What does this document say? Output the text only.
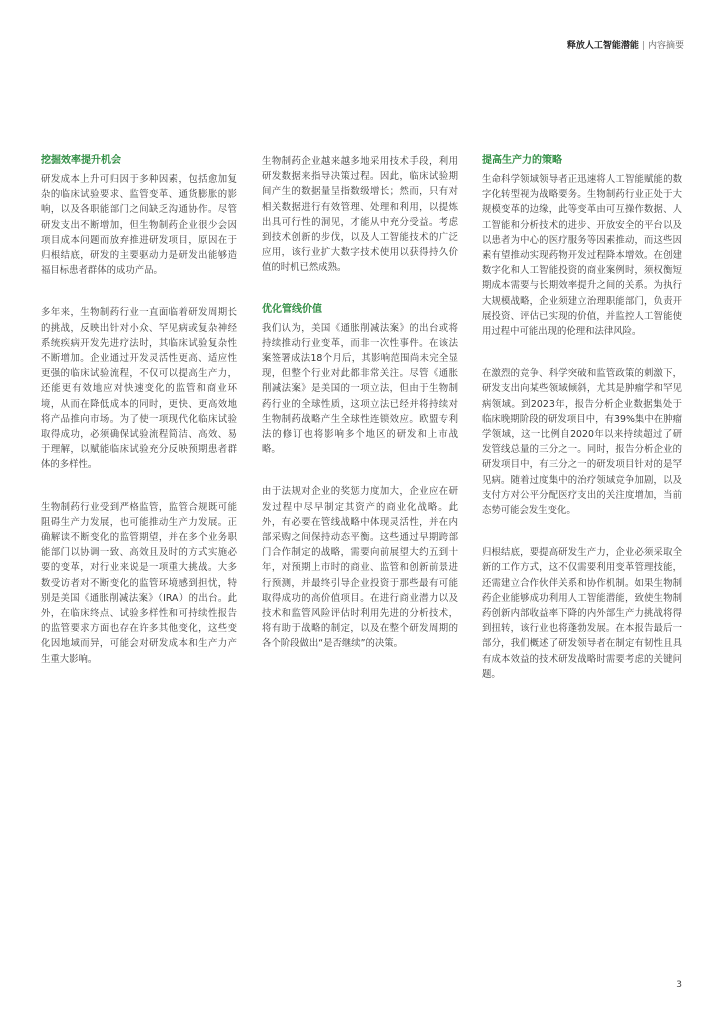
释放人工智能潜能 | 内容摘要
挖掘效率提升机会

研发成本上升可归因于多种因素，包括愈加复杂的临床试验要求、监管变革、通货膨胀的影响，以及各职能部门之间缺乏沟通协作。尽管研发支出不断增加，但生物制药企业很少会因项目成本问题而放弃推进研发项目，原因在于归根结底，研发的主要驱动力是研发出能够造福目标患者群体的成功产品。

多年来，生物制药行业一直面临着研发周期长的挑战，反映出针对小众、罕见病或复杂神经系统疾病开发先进疗法时，其临床试验复杂性不断增加。企业通过开发灵活性更高、适应性更强的临床试验流程，不仅可以提高生产力，还能更有效地应对快速变化的监管和商业环境，从而在降低成本的同时，更快、更高效地将产品推向市场。为了使一项现代化临床试验取得成功，必须确保试验流程简洁、高效、易于理解，以赋能临床试验充分反映预期患者群体的多样性。

生物制药行业受到严格监管，监管合规既可能阻碍生产力发展，也可能推动生产力发展。正确解读不断变化的监管期望，并在多个业务职能部门以协调一致、高效且及时的方式实施必要的变革，对行业来说是一项重大挑战。大多数受访者对不断变化的监管环境感到担忧，特别是美国《通胀削减法案》（IRA）的出台。此外，在临床终点、试验多样性和可持续性报告的监管要求方面也存在许多其他变化，这些变化因地域而异，可能会对研发成本和生产力产生重大影响。

生物制药企业越来越多地采用技术手段，利用研发数据来指导决策过程。因此，临床试验期间产生的数据量呈指数级增长；然而，只有对相关数据进行有效管理、处理和利用，以提炼出具可行性的洞见，才能从中充分受益。考虑到技术创新的步伐，以及人工智能技术的广泛应用，该行业扩大数字技术使用以获得持久价值的时机已然成熟。

优化管线价值

我们认为，美国《通胀削减法案》的出台或将持续推动行业变革，而非一次性事件。在该法案签署成法18个月后，其影响范围尚未完全显现，但整个行业对此都非常关注。尽管《通胀削减法案》是美国的一项立法，但由于生物制药行业的全球性质，这项立法已经并将持续对生物制药战略产生全球性连锁效应。欧盟专利法的修订也将影响多个地区的研发和上市战略。

由于法规对企业的奖惩力度加大，企业应在研发过程中尽早制定其资产的商业化战略。此外，有必要在管线战略中体现灵活性，并在内部采购之间保持动态平衡。这些通过早期跨部门合作制定的战略，需要向前展望大约五到十年，对预期上市时的商业、监管和创新前景进行预测，并最终引导企业投资于那些最有可能取得成功的高价值项目。在进行商业潜力以及技术和监管风险评估时利用先进的分析技术，将有助于战略的制定，以及在整个研发周期的各个阶段做出“是否继续”的决策。

提高生产力的策略

生命科学领域领导者正迅速将人工智能赋能的数字化转型视为战略要务。生物制药行业正处于大规模变革的边缘，此等变革由可互操作数据、人工智能和分析技术的进步、开放安全的平台以及以患者为中心的医疗服务等因素推动，而这些因素有望推动实现药物开发过程降本增效。在创建数字化和人工智能投资的商业案例时，须权衡短期成本需要与长期效率提升之间的关系。为执行大规模战略，企业须建立治理职能部门，负责开展投资、评估已实现的价值，并监控人工智能使用过程中可能出现的伦理和法律风险。

在激烈的竞争、科学突破和监管政策的刺激下，研发支出向某些领域倾斜，尤其是肿瘤学和罕见病领域。到2023年，报告分析企业数据集处于临床晚期阶段的研发项目中，有39%集中在肿瘤学领域，这一比例自2020年以来持续超过了研发管线总量的三分之一。同时，报告分析企业的研发项目中，有三分之一的研发项目针对的是罕见病。随着过度集中的治疗领域竞争加剧，以及支付方对公平分配医疗支出的关注度增加，当前态势可能会发生变化。

归根结底，要提高研发生产力，企业必须采取全新的工作方式，这不仅需要利用变革管理技能，还需建立合作伙伴关系和协作机制。如果生物制药企业能够成功利用人工智能潜能，致使生物制药创新内部收益率下降的内外部生产力挑战将得到扭转，该行业也将蓬勃发展。在本报告最后一部分，我们概述了研发领导者在制定有韧性且具有成本效益的技术研发战略时需要考虑的关键问题。

3
